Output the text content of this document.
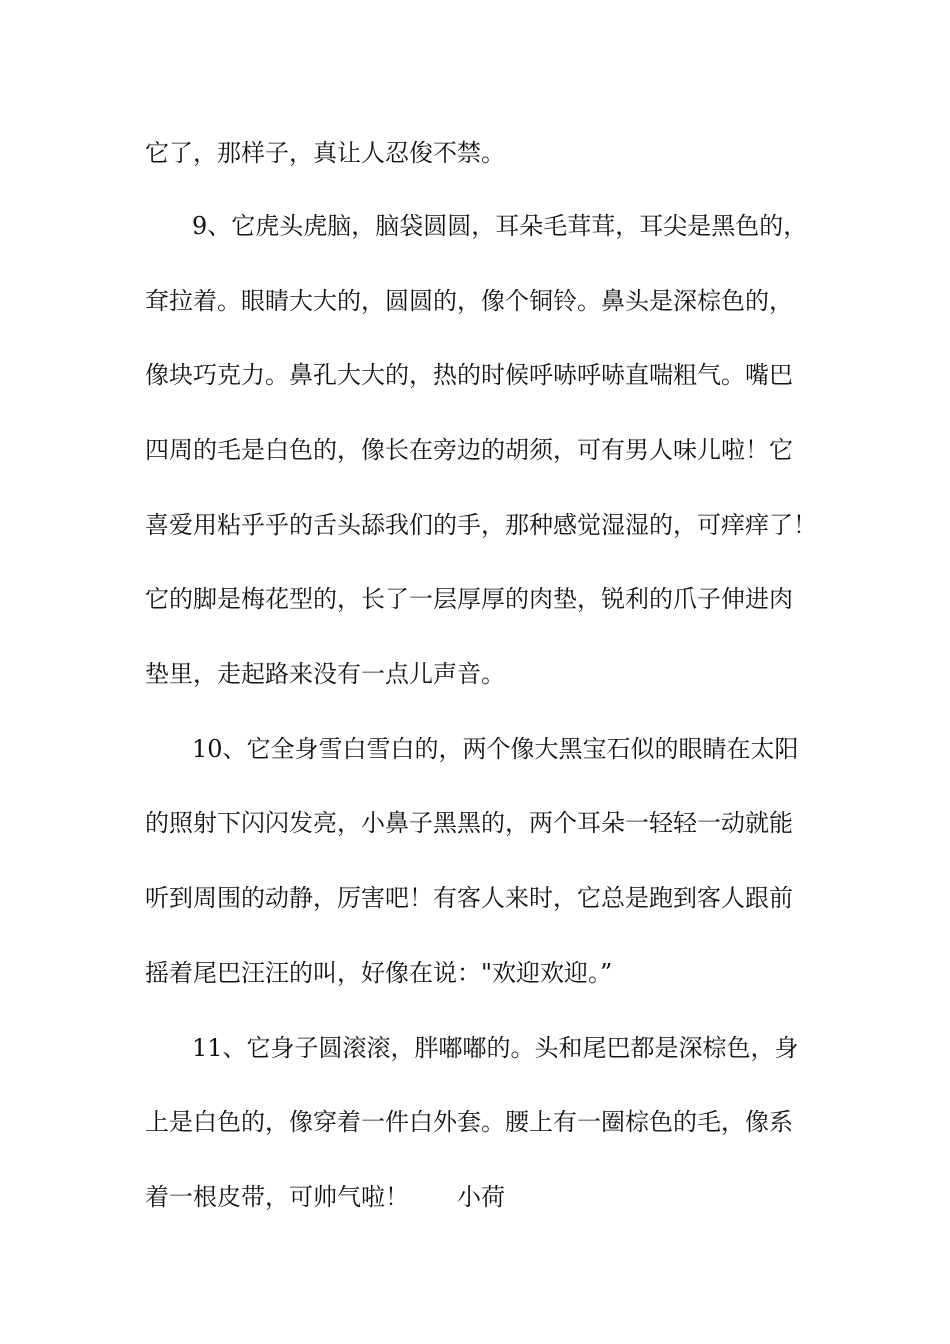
它了，那样子，真让人忍俊不禁。
9、它虎头虎脑，脑袋圆圆，耳朵毛茸茸，耳尖是黑色的，
耷拉着。眼睛大大的，圆圆的，像个铜铃。鼻头是深棕色的，
像块巧克力。鼻孔大大的，热的时候呼哧呼哧直喘粗气。嘴巴
四周的毛是白色的，像长在旁边的胡须，可有男人味儿啦！它
喜爱用粘乎乎的舌头舔我们的手，那种感觉湿湿的，可痒痒了！
它的脚是梅花型的，长了一层厚厚的肉垫，锐利的爪子伸进肉
垫里，走起路来没有一点儿声音。
10、它全身雪白雪白的，两个像大黑宝石似的眼睛在太阳
的照射下闪闪发亮，小鼻子黑黑的，两个耳朵一轻轻一动就能
听到周围的动静，厉害吧！有客人来时，它总是跑到客人跟前
摇着尾巴汪汪的叫，好像在说："欢迎欢迎。”
11、它身子圆滚滚，胖嘟嘟的。头和尾巴都是深棕色，身
上是白色的，像穿着一件白外套。腰上有一圈棕色的毛，像系
着一根皮带，可帅气啦！　　小荷
